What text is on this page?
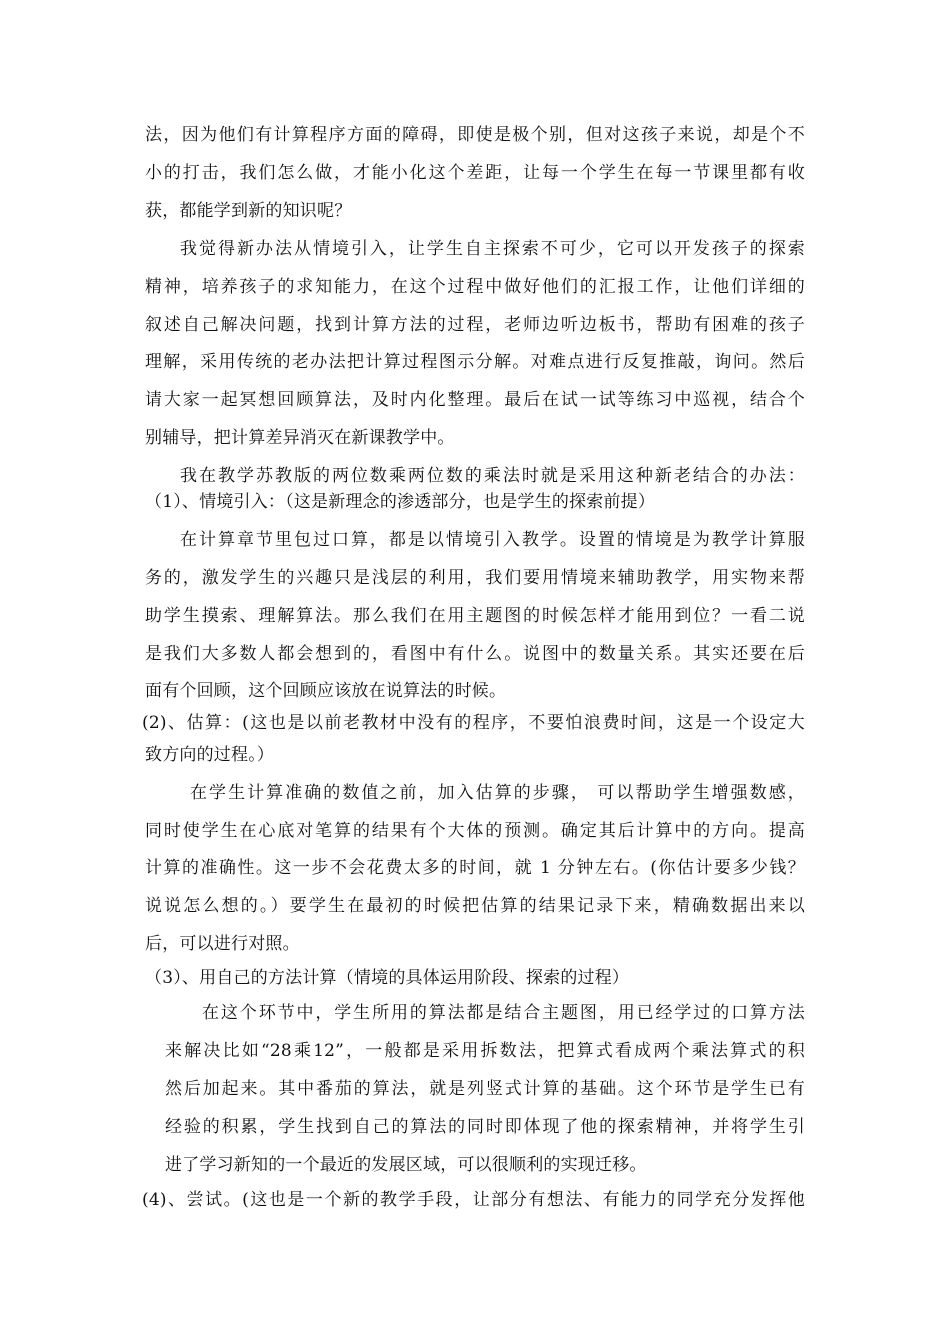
法，因为他们有计算程序方面的障碍，即使是极个别，但对这孩子来说，却是个不
小的打击，我们怎么做，才能小化这个差距，让每一个学生在每一节课里都有收
获，都能学到新的知识呢？
我觉得新办法从情境引入，让学生自主探索不可少，它可以开发孩子的探索
精神，培养孩子的求知能力，在这个过程中做好他们的汇报工作，让他们详细的
叙述自己解决问题，找到计算方法的过程，老师边听边板书，帮助有困难的孩子
理解，采用传统的老办法把计算过程图示分解。对难点进行反复推敲，询问。然后
请大家一起冥想回顾算法，及时内化整理。最后在试一试等练习中巡视，结合个
别辅导，把计算差异消灭在新课教学中。
我在教学苏教版的两位数乘两位数的乘法时就是采用这种新老结合的办法：
（1）、情境引入：（这是新理念的渗透部分，也是学生的探索前提）
在计算章节里包过口算，都是以情境引入教学。设置的情境是为教学计算服
务的，激发学生的兴趣只是浅层的利用，我们要用情境来辅助教学，用实物来帮
助学生摸索、理解算法。那么我们在用主题图的时候怎样才能用到位？一看二说
是我们大多数人都会想到的，看图中有什么。说图中的数量关系。其实还要在后
面有个回顾，这个回顾应该放在说算法的时候。
(2)、估算：(这也是以前老教材中没有的程序，不要怕浪费时间，这是一个设定大
致方向的过程。）
在学生计算准确的数值之前，加入估算的步骤， 可以帮助学生增强数感，
同时使学生在心底对笔算的结果有个大体的预测。确定其后计算中的方向。提高
计算的准确性。这一步不会花费太多的时间，就 1 分钟左右。(你估计要多少钱？
说说怎么想的。）要学生在最初的时候把估算的结果记录下来，精确数据出来以
后，可以进行对照。
（3）、用自己的方法计算（情境的具体运用阶段、探索的过程）
在这个环节中，学生所用的算法都是结合主题图，用已经学过的口算方法
来解决比如“28乘12”，一般都是采用拆数法，把算式看成两个乘法算式的积
然后加起来。其中番茄的算法，就是列竖式计算的基础。这个环节是学生已有
经验的积累，学生找到自己的算法的同时即体现了他的探索精神，并将学生引
进了学习新知的一个最近的发展区域，可以很顺利的实现迁移。
(4)、尝试。(这也是一个新的教学手段，让部分有想法、有能力的同学充分发挥他
